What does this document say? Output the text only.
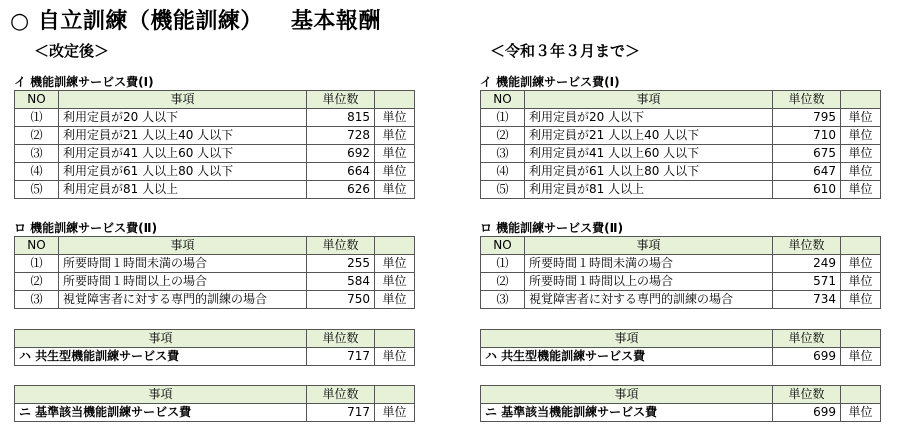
○ 自立訓練（機能訓練） 基本報酬
＜改定後＞
イ 機能訓練サービス費(Ⅰ)
NO	事項	単位数	
⑴	利用定員が20 人以下	815	単位
⑵	利用定員が21 人以上40 人以下	728	単位
⑶	利用定員が41 人以上60 人以下	692	単位
⑷	利用定員が61 人以上80 人以下	664	単位
⑸	利用定員が81 人以上	626	単位
ロ 機能訓練サービス費(Ⅱ)
NO	事項	単位数	
⑴	所要時間１時間未満の場合	255	単位
⑵	所要時間１時間以上の場合	584	単位
⑶	視覚障害者に対する専門的訓練の場合	750	単位
事項	単位数	
ハ 共生型機能訓練サービス費	717	単位
事項	単位数	
ニ 基準該当機能訓練サービス費	717	単位
＜令和３年３月まで＞
イ 機能訓練サービス費(Ⅰ)
NO	事項	単位数	
⑴	利用定員が20 人以下	795	単位
⑵	利用定員が21 人以上40 人以下	710	単位
⑶	利用定員が41 人以上60 人以下	675	単位
⑷	利用定員が61 人以上80 人以下	647	単位
⑸	利用定員が81 人以上	610	単位
ロ 機能訓練サービス費(Ⅱ)
NO	事項	単位数	
⑴	所要時間１時間未満の場合	249	単位
⑵	所要時間１時間以上の場合	571	単位
⑶	視覚障害者に対する専門的訓練の場合	734	単位
事項	単位数	
ハ 共生型機能訓練サービス費	699	単位
事項	単位数	
ニ 基準該当機能訓練サービス費	699	単位
